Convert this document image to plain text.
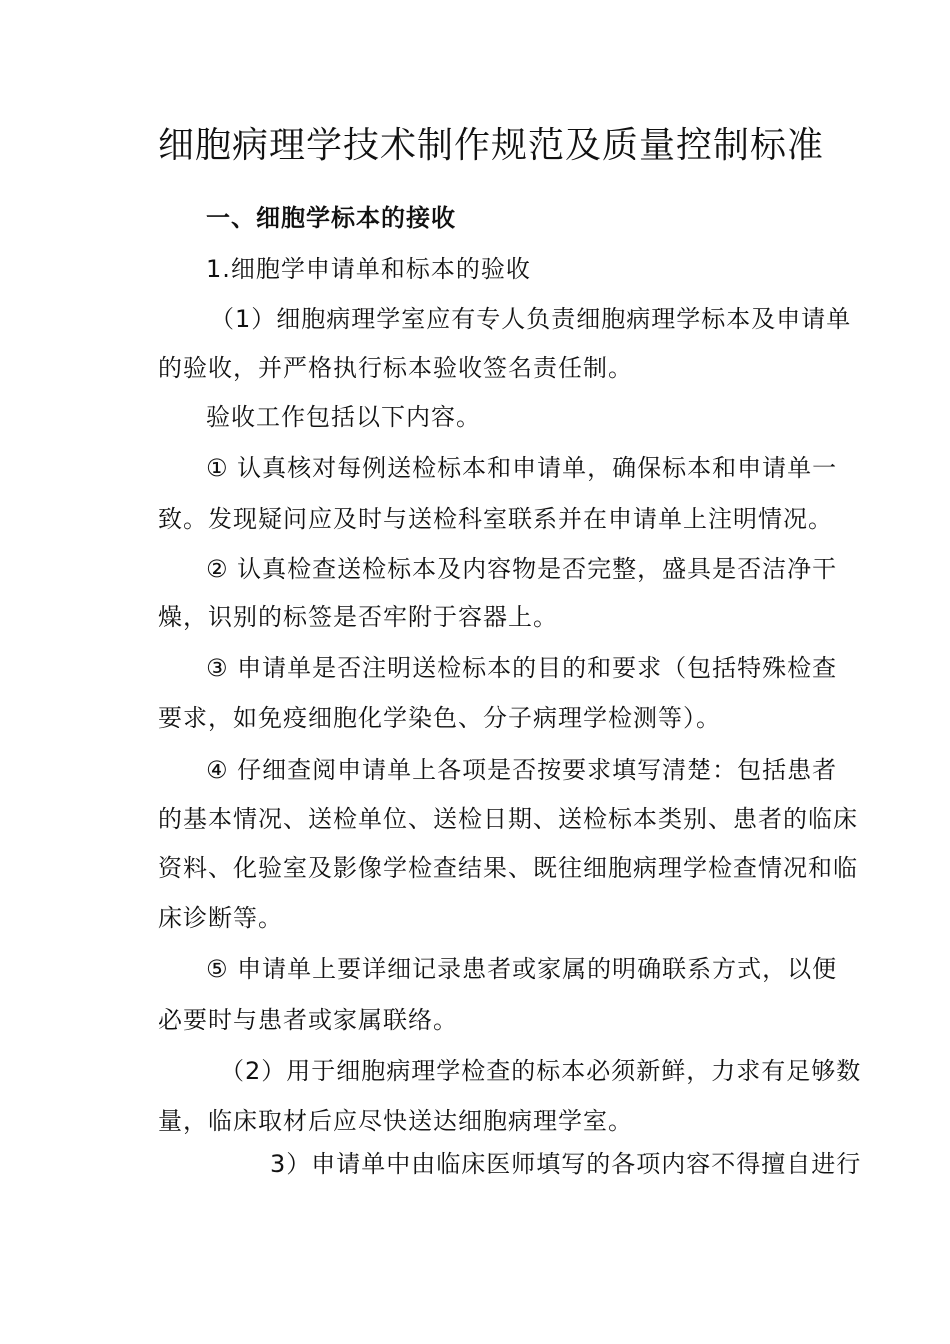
细胞病理学技术制作规范及质量控制标准
一、细胞学标本的接收
1.细胞学申请单和标本的验收
（1）细胞病理学室应有专人负责细胞病理学标本及申请单
的验收，并严格执行标本验收签名责任制。
验收工作包括以下内容。
① 认真核对每例送检标本和申请单，确保标本和申请单一
致。发现疑问应及时与送检科室联系并在申请单上注明情况。
② 认真检查送检标本及内容物是否完整，盛具是否洁净干
燥，识别的标签是否牢附于容器上。
③ 申请单是否注明送检标本的目的和要求（包括特殊检查
要求，如免疫细胞化学染色、分子病理学检测等）。
④ 仔细查阅申请单上各项是否按要求填写清楚：包括患者
的基本情况、送检单位、送检日期、送检标本类别、患者的临床
资料、化验室及影像学检查结果、既往细胞病理学检查情况和临
床诊断等。
⑤ 申请单上要详细记录患者或家属的明确联系方式，以便
必要时与患者或家属联络。
（2）用于细胞病理学检查的标本必须新鲜，力求有足够数
量，临床取材后应尽快送达细胞病理学室。
3）申请单中由临床医师填写的各项内容不得擅自进行
